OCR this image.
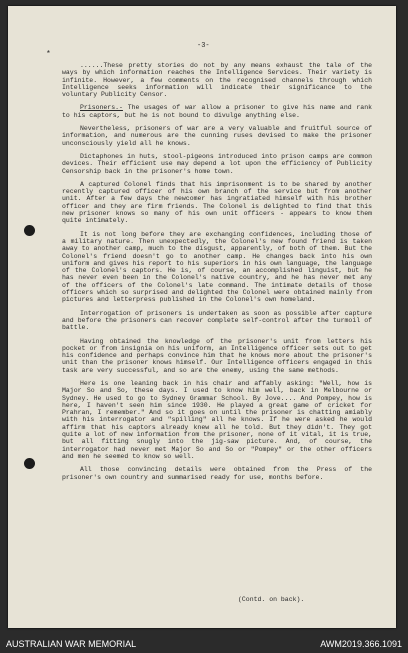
-3-
*

......These pretty stories do not by any means exhaust the tale of the ways by which information reaches the Intelligence Services. Their variety is infinite. However, a few comments on the recognised channels through which Intelligence seeks information will indicate their significance to the voluntary Publicity Censor.

Prisoners.- The usages of war allow a prisoner to give his name and rank to his captors, but he is not bound to divulge anything else.

Nevertheless, prisoners of war are a very valuable and fruitful source of information, and numerous are the cunning ruses devised to make the prisoner unconsciously yield all he knows.

Dictaphones in huts, stool-pigeons introduced into prison camps are common devices. Their efficient use may depend a lot upon the efficiency of Publicity Censorship back in the prisoner's home town.

A captured Colonel finds that his imprisonment is to be shared by another recently captured officer of his own branch of the service but from another unit. After a few days the newcomer has ingratiated himself with his brother officer and they are firm friends. The Colonel is delighted to find that this new prisoner knows so many of his own unit officers - appears to know them quite intimately.

It is not long before they are exchanging confidences, including those of a military nature. Then unexpectedly, the Colonel's new found friend is taken away to another camp, much to the disgust, apparently, of both of them. But the Colonel's friend doesn't go to another camp. He changes back into his own uniform and gives his report to his superiors in his own language, the language of the Colonel's captors. He is, of course, an accomplished linguist, but he has never even been in the Colonel's native country, and he has never met any of the officers of the Colonel's late command. The intimate details of those officers which so surprised and delighted the Colonel were obtained mainly from pictures and letterpress published in the Colonel's own homeland.

Interrogation of prisoners is undertaken as soon as possible after capture and before the prisoners can recover complete self-control after the turmoil of battle.

Having obtained the knowledge of the prisoner's unit from letters his pocket or from insignia on his uniform, an Intelligence officer sets out to get his confidence and perhaps convince him that he knows more about the prisoner's unit than the prisoner knows himself. Our Intelligence officers engaged in this task are very successful, and so are the enemy, using the same methods.

Here is one leaning back in his chair and affably asking: "Well, how is Major So and So, these days. I used to know him well, back in Melbourne or Sydney. He used to go to Sydney Grammar School. By Jove.... And Pompey, how is here, I haven't seen him since 1930. He played a great game of cricket for Prahran, I remember." And so it goes on until the prisoner is chatting amiably with his interrogator and "spilling" all he knows. If he were asked he would affirm that his captors already knew all he told. But they didn't. They got quite a lot of new information from the prisoner, none of it vital, it is true, but all fitting snugly into the jig-saw picture. And, of course, the interrogator had never met Major So and So or "Pompey" or the other officers and men he seemed to know so well.

All those convincing details were obtained from the Press of the prisoner's own country and summarised ready for use, months before.

(Contd. on back).
AUSTRALIAN WAR MEMORIAL	AWM2019.366.1091
